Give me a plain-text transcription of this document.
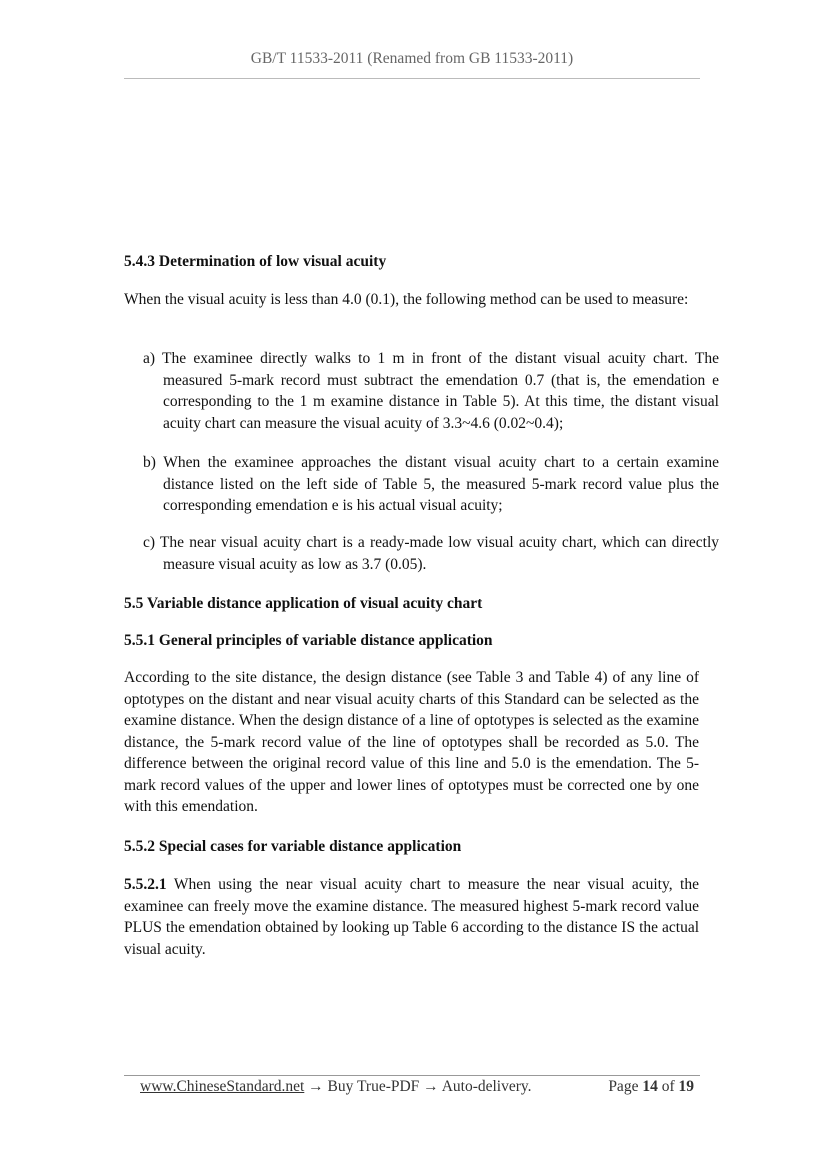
GB/T 11533-2011 (Renamed from GB 11533-2011)
5.4.3 Determination of low visual acuity
When the visual acuity is less than 4.0 (0.1), the following method can be used to measure:
a) The examinee directly walks to 1 m in front of the distant visual acuity chart. The measured 5-mark record must subtract the emendation 0.7 (that is, the emendation e corresponding to the 1 m examine distance in Table 5). At this time, the distant visual acuity chart can measure the visual acuity of 3.3~4.6 (0.02~0.4);
b) When the examinee approaches the distant visual acuity chart to a certain examine distance listed on the left side of Table 5, the measured 5-mark record value plus the corresponding emendation e is his actual visual acuity;
c) The near visual acuity chart is a ready-made low visual acuity chart, which can directly measure visual acuity as low as 3.7 (0.05).
5.5 Variable distance application of visual acuity chart
5.5.1 General principles of variable distance application
According to the site distance, the design distance (see Table 3 and Table 4) of any line of optotypes on the distant and near visual acuity charts of this Standard can be selected as the examine distance. When the design distance of a line of optotypes is selected as the examine distance, the 5-mark record value of the line of optotypes shall be recorded as 5.0. The difference between the original record value of this line and 5.0 is the emendation. The 5-mark record values of the upper and lower lines of optotypes must be corrected one by one with this emendation.
5.5.2 Special cases for variable distance application
5.5.2.1 When using the near visual acuity chart to measure the near visual acuity, the examinee can freely move the examine distance. The measured highest 5-mark record value PLUS the emendation obtained by looking up Table 6 according to the distance IS the actual visual acuity.
www.ChineseStandard.net → Buy True-PDF → Auto-delivery.	Page 14 of 19
